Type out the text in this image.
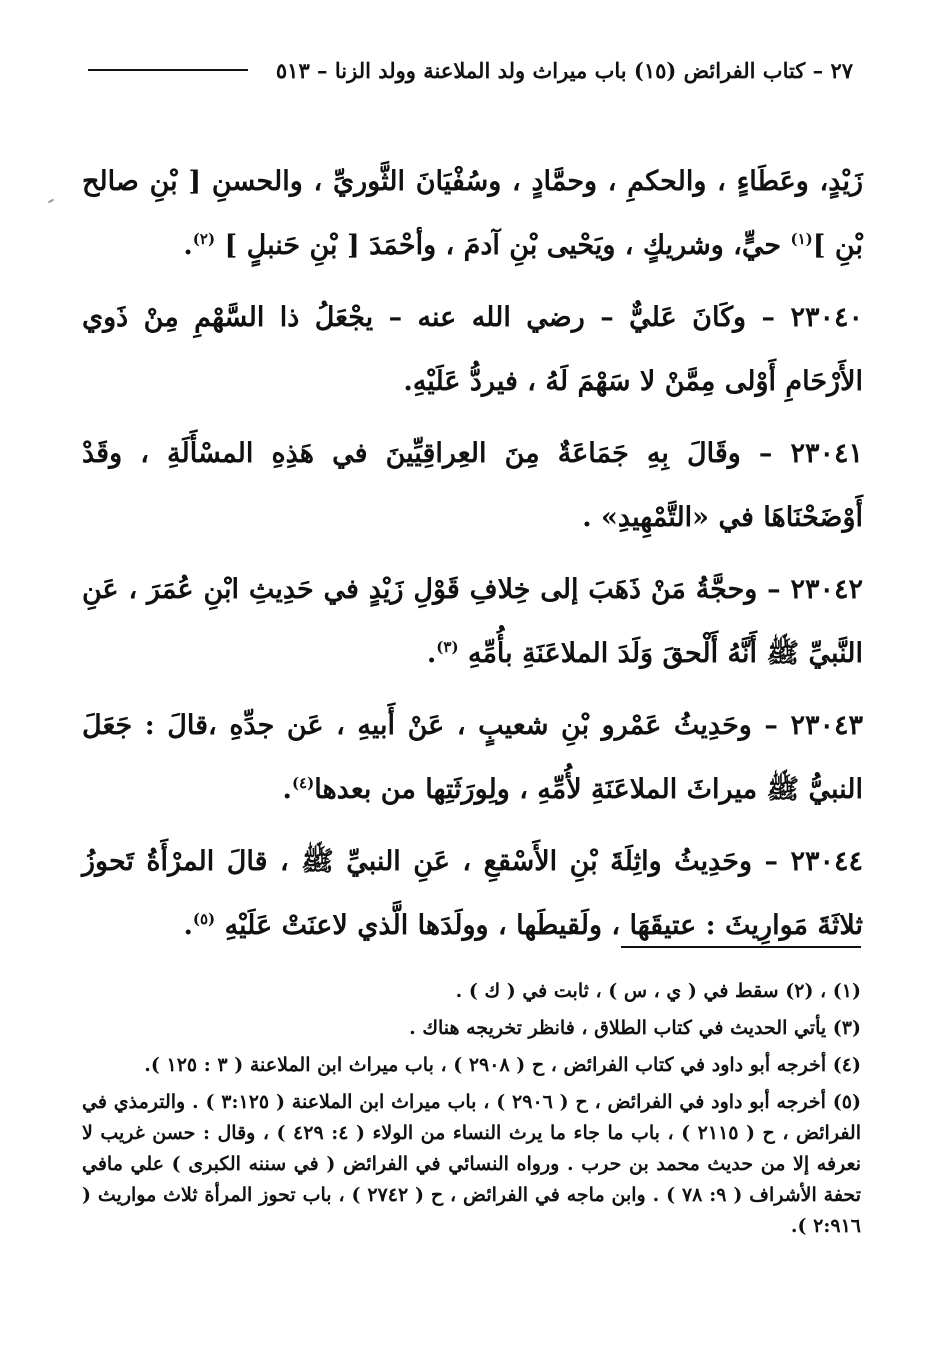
٢٧ – كتاب الفرائض (١٥) باب ميراث ولد الملاعنة وولد الزنا – ٥١٣

زَيْدٍ، وعَطَاءٍ ، والحكمِ ، وحمَّادٍ ، وسُفْيَانَ الثَّوريِّ ، والحسنِ [ بْنِ صالح بْنِ ]$^{(١)}$ حيٍّ، وشريكٍ ، ويَحْيى بْنِ آدمَ ، وأحْمَدَ [ بْنِ حَنبلٍ ] $^{(٢)}$.

٢٣٠٤٠ – وكَانَ عَليٌّ – رضي الله عنه – يجْعَلُ ذا السَّهْمِ مِنْ ذَوي الأَرْحَامِ أَوْلى مِمَّنْ لا سَهْمَ لَهُ ، فيردُّ عَلَيْهِ.

٢٣٠٤١ – وقَالَ بِهِ جَمَاعَةٌ مِنَ العِراقِيِّينَ في هَذِهِ المسْأَلَةِ ، وقَدْ أَوْضَحْنَاهَا في «التَّمْهِيدِ» .

٢٣٠٤٢ – وحجَّةُ مَنْ ذَهَبَ إلى خِلافِ قَوْلِ زَيْدٍ في حَدِيثِ ابْنِ عُمَرَ ، عَنِ النَّبيِّ ﷺ أَنَّهُ أَلْحقَ وَلَدَ الملاعَنَةِ بأُمِّهِ $^{(٣)}$.

٢٣٠٤٣ – وحَدِيثُ عَمْرو بْنِ شعيبٍ ، عَنْ أَبيهِ ، عَن جدِّهِ ،قالَ : جَعَلَ النبيُّ ﷺ ميراثَ الملاعَنَةِ لأُمِّهِ ، ولِورَثَتِها من بعدها$^{(٤)}$.

٢٣٠٤٤ – وحَدِيثُ واثِلَةَ بْنِ الأَسْقعِ ، عَنِ النبيِّ ﷺ ، قالَ المرْأَةُ تَحوزُ ثلاثَةَ مَوارِيثَ : عتيقَهَا ، ولَقيطَها ، وولَدَها الَّذي لاعنَتْ عَلَيْهِ $^{(٥)}$.

(١) ، (٢) سقط في ( ي ، س ) ، ثابت في ( ك ) .

(٣) يأتي الحديث في كتاب الطلاق ، فانظر تخريجه هناك .

(٤) أخرجه أبو داود في كتاب الفرائض ، ح ( ٢٩٠٨ ) ، باب ميراث ابن الملاعنة ( ٣ : ١٢٥ ).

(٥) أخرجه أبو داود في الفرائض ، ح ( ٢٩٠٦ ) ، باب ميراث ابن الملاعنة ( ٣:١٢٥ ) . والترمذي في الفرائض ، ح ( ٢١١٥ ) ، باب ما جاء ما يرث النساء من الولاء ( ٤: ٤٢٩ ) ، وقال : حسن غريب لا نعرفه إلا من حديث محمد بن حرب . ورواه النسائي في الفرائض ( في سننه الكبرى ) علي مافي تحفة الأشراف ( ٩: ٧٨ ) . وابن ماجه في الفرائض ، ح ( ٢٧٤٢ ) ، باب تحوز المرأة ثلاث مواريث ( ٢:٩١٦ ).
